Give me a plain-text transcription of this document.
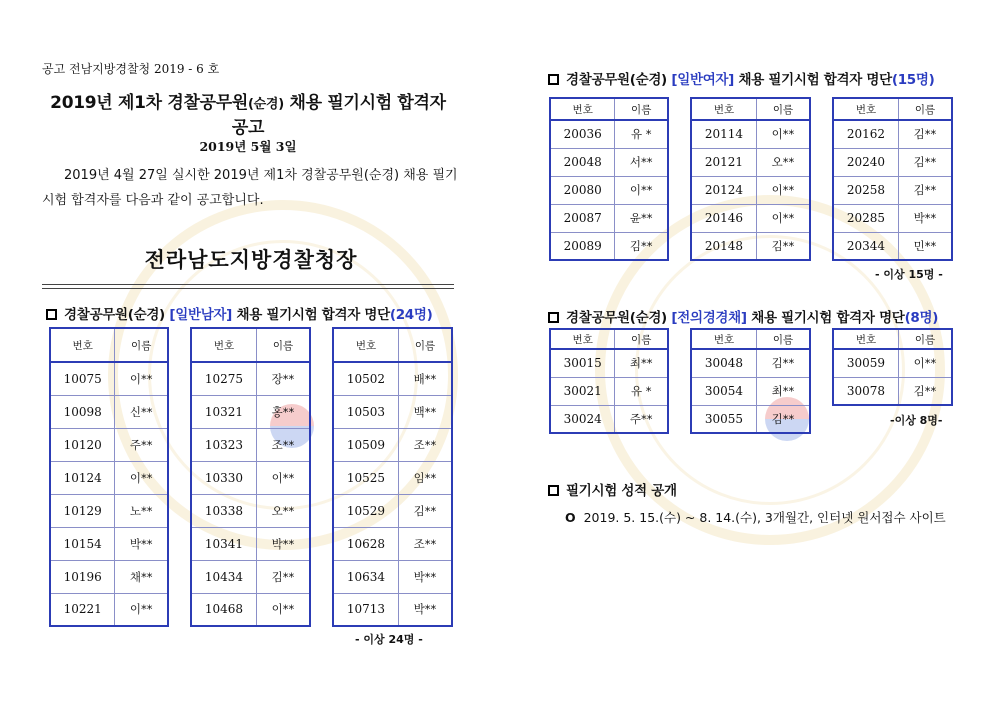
공고 전남지방경찰청 2019 - 6 호
2019년 제1차 경찰공무원(순경) 채용 필기시험 합격자 공고
2019년 5월 3일
2019년 4월 27일 실시한 2019년 제1차 경찰공무원(순경) 채용 필기시험 합격자를 다음과 같이 공고합니다.
전라남도지방경찰청장
경찰공무원(순경) [일반남자] 채용 필기시험 합격자 명단(24명)
번호	이름
10075	이**
10098	신**
10120	주**
10124	이**
10129	노**
10154	박**
10196	채**
10221	이**
번호	이름
10275	장**
10321	홍**
10323	조**
10330	이**
10338	오**
10341	박**
10434	김**
10468	이**
번호	이름
10502	배**
10503	백**
10509	조**
10525	임**
10529	김**
10628	조**
10634	박**
10713	박**
- 이상 24명 -
경찰공무원(순경) [일반여자] 채용 필기시험 합격자 명단(15명)
번호	이름
20036	유 *
20048	서**
20080	이**
20087	윤**
20089	김**
번호	이름
20114	이**
20121	오**
20124	이**
20146	이**
20148	김**
번호	이름
20162	김**
20240	김**
20258	김**
20285	박**
20344	민**
- 이상 15명 -
경찰공무원(순경) [전의경경채] 채용 필기시험 합격자 명단(8명)
번호	이름
30015	최**
30021	유 *
30024	주**
번호	이름
30048	김**
30054	최**
30055	김**
번호	이름
30059	이**
30078	김**
-이상 8명-
필기시험 성적 공개
O 2019. 5. 15.(수) ~ 8. 14.(수), 3개월간, 인터넷 원서접수 사이트
